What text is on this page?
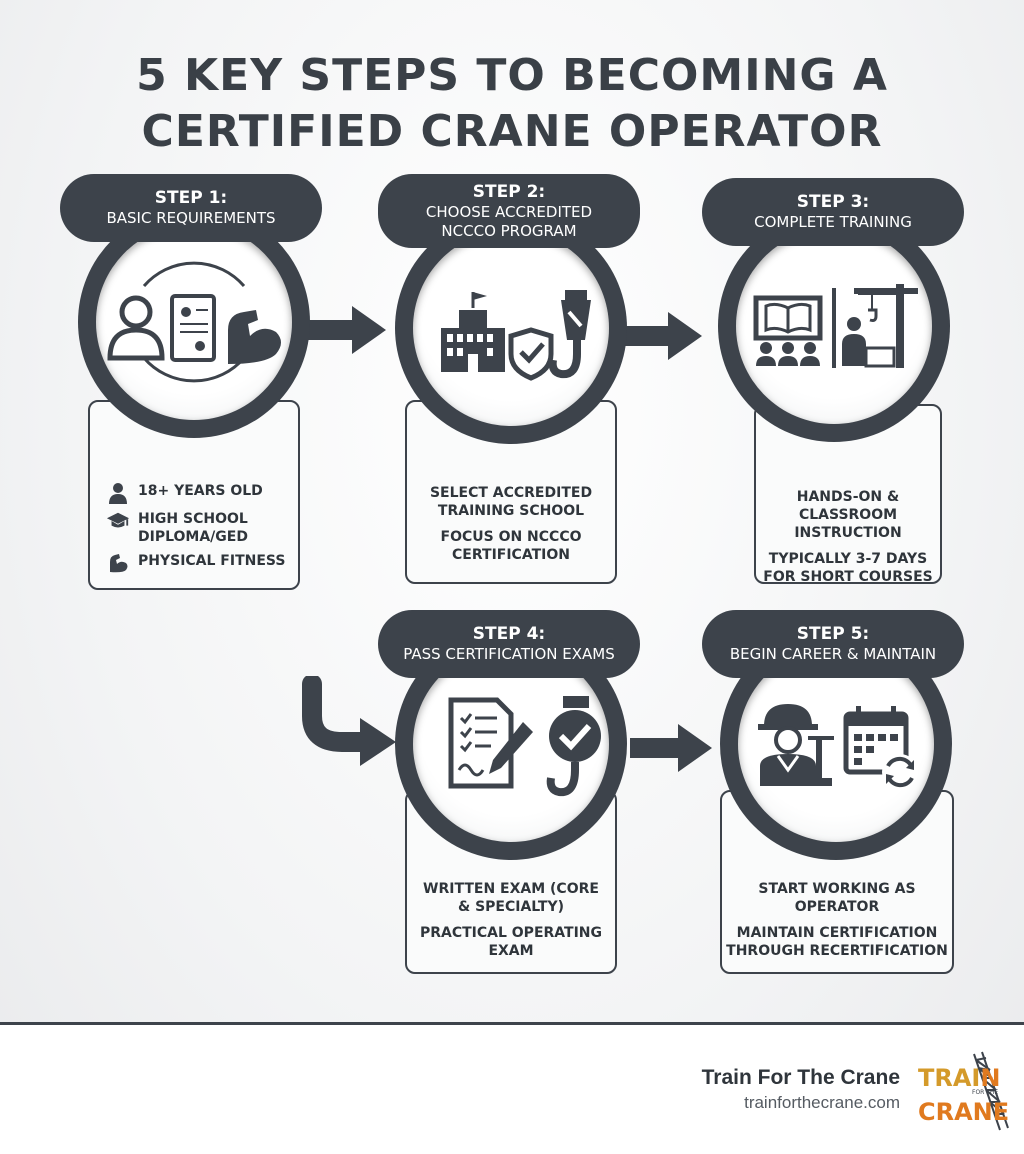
5 KEY STEPS TO BECOMING A
CERTIFIED CRANE OPERATOR
18+ YEARS OLD
HIGH SCHOOL DIPLOMA/GED
PHYSICAL FITNESS
STEP 1:
BASIC REQUIREMENTS
SELECT ACCREDITED TRAINING SCHOOL
FOCUS ON NCCCO CERTIFICATION
STEP 2:
CHOOSE ACCREDITED
NCCCO PROGRAM
HANDS-ON & CLASSROOM INSTRUCTION
TYPICALLY 3-7 DAYS FOR SHORT COURSES
STEP 3:
COMPLETE TRAINING
WRITTEN EXAM (CORE & SPECIALTY)
PRACTICAL OPERATING EXAM
STEP 4:
PASS CERTIFICATION EXAMS
START WORKING AS OPERATOR
MAINTAIN CERTIFICATION THROUGH RECERTIFICATION
STEP 5:
BEGIN CAREER & MAINTAIN
Train For The Crane
trainforthecrane.com
TRAIN
FOR THE
CRANE
